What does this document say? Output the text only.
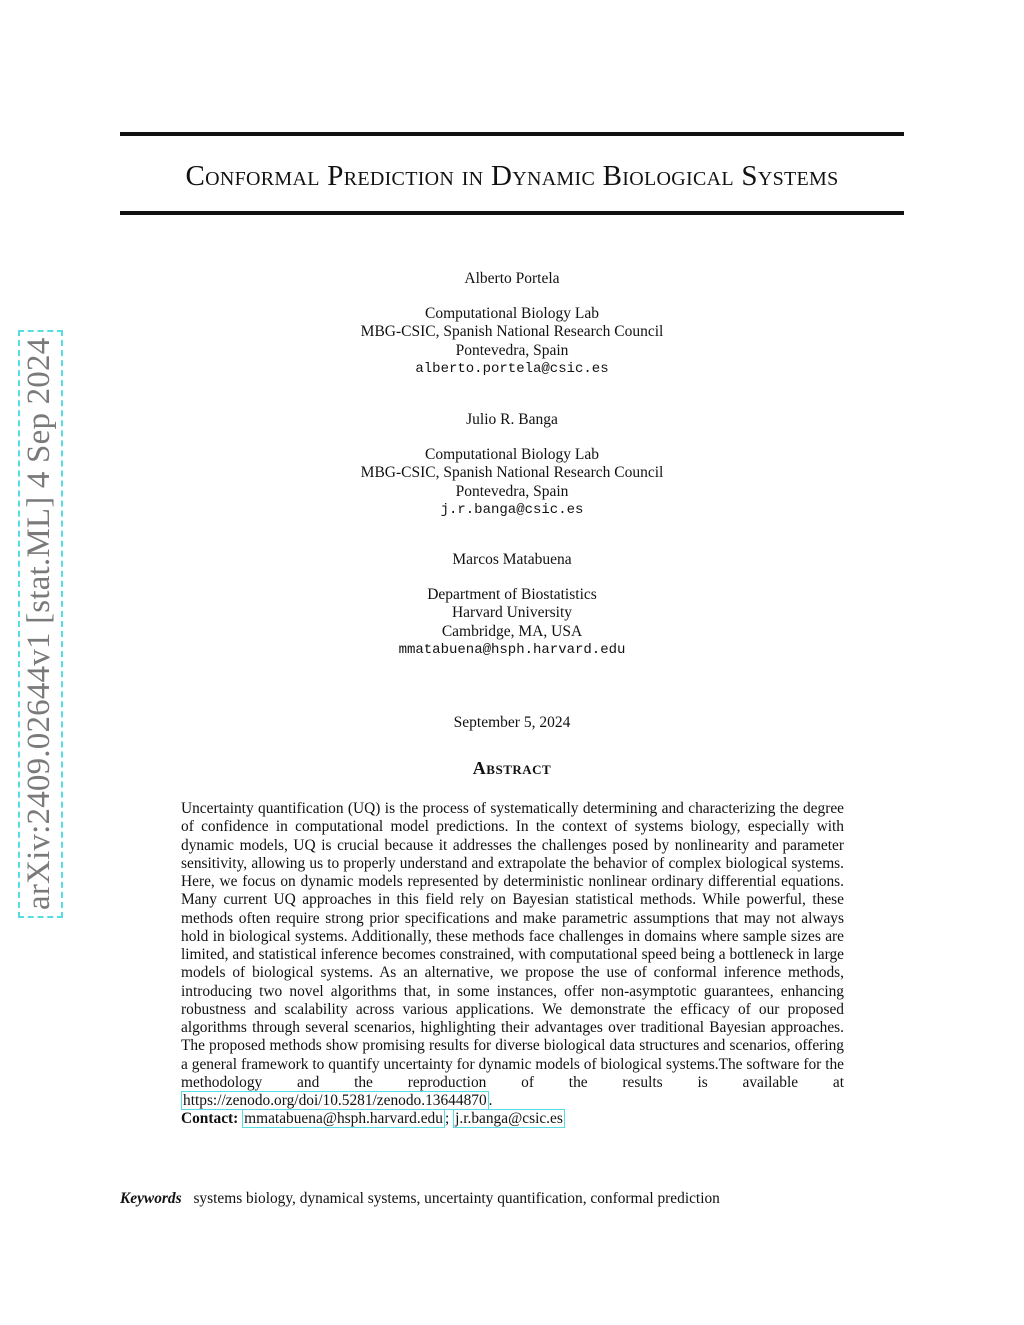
Conformal Prediction in Dynamic Biological Systems
Alberto Portela
Computational Biology Lab
MBG-CSIC, Spanish National Research Council
Pontevedra, Spain
alberto.portela@csic.es
Julio R. Banga
Computational Biology Lab
MBG-CSIC, Spanish National Research Council
Pontevedra, Spain
j.r.banga@csic.es
Marcos Matabuena
Department of Biostatistics
Harvard University
Cambridge, MA, USA
mmatabuena@hsph.harvard.edu
September 5, 2024
Abstract
Uncertainty quantification (UQ) is the process of systematically determining and characterizing the degree of confidence in computational model predictions. In the context of systems biology, especially with dynamic models, UQ is crucial because it addresses the challenges posed by nonlinearity and parameter sensitivity, allowing us to properly understand and extrapolate the behavior of complex biological systems. Here, we focus on dynamic models represented by deterministic nonlinear ordinary differential equations. Many current UQ approaches in this field rely on Bayesian statistical methods. While powerful, these methods often require strong prior specifications and make parametric assumptions that may not always hold in biological systems. Additionally, these methods face challenges in domains where sample sizes are limited, and statistical inference becomes constrained, with computational speed being a bottleneck in large models of biological systems. As an alternative, we propose the use of conformal inference methods, introducing two novel algorithms that, in some instances, offer non-asymptotic guarantees, enhancing robustness and scalability across various applications. We demonstrate the efficacy of our proposed algorithms through several scenarios, highlighting their advantages over traditional Bayesian approaches. The proposed methods show promising results for diverse biological data structures and scenarios, offering a general framework to quantify uncertainty for dynamic models of biological systems.The software for the methodology and the reproduction of the results is available at https://zenodo.org/doi/10.5281/zenodo.13644870 .
Contact: mmatabuena@hsph.harvard.edu ; j.r.banga@csic.es
Keywords systems biology, dynamical systems, uncertainty quantification, conformal prediction
arXiv:2409.02644v1 [stat.ML] 4 Sep 2024
